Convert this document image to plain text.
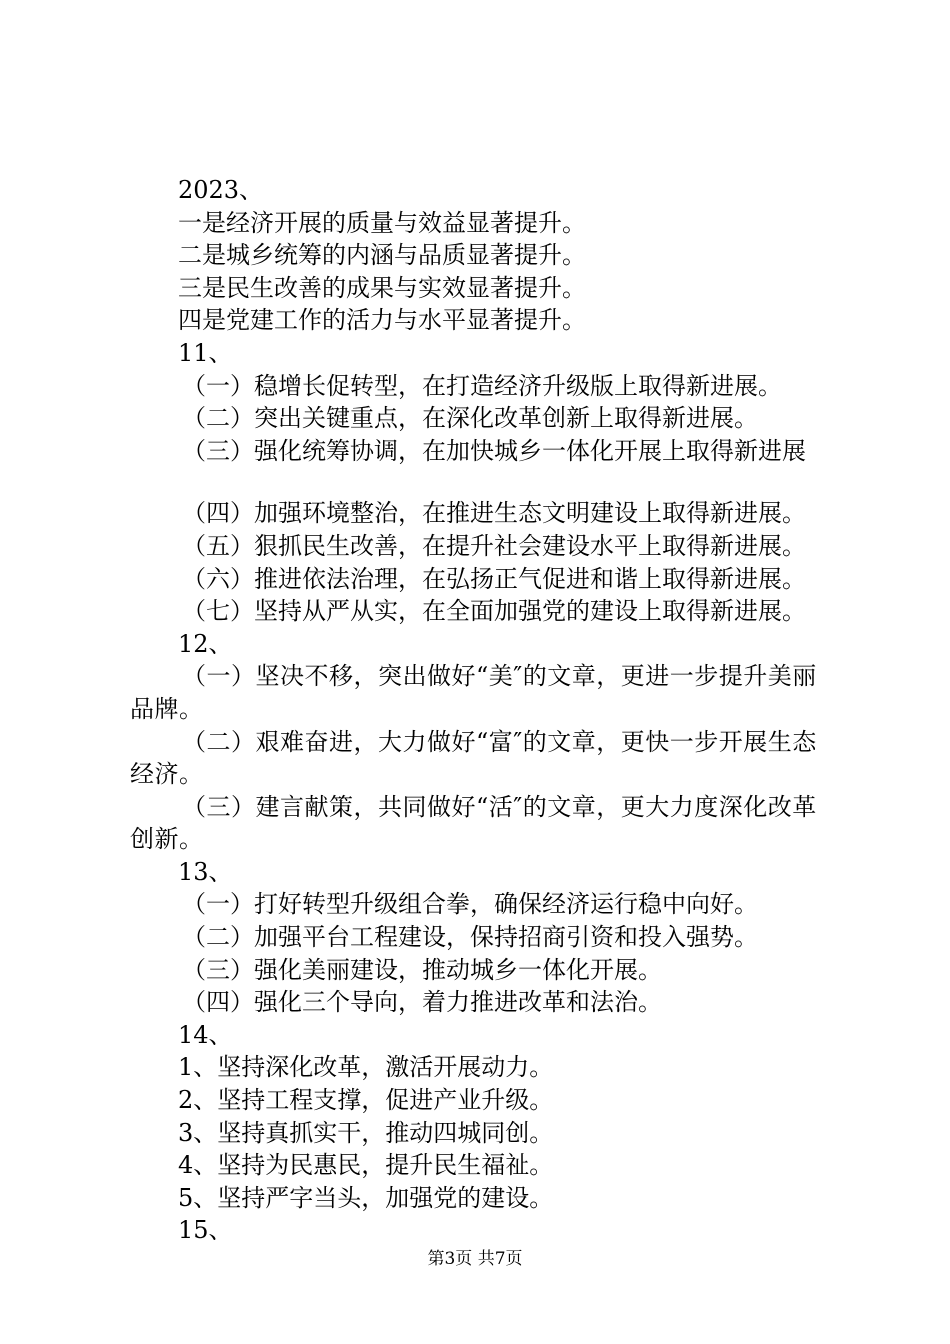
2023、
一是经济开展的质量与效益显著提升。
二是城乡统筹的内涵与品质显著提升。
三是民生改善的成果与实效显著提升。
四是党建工作的活力与水平显著提升。
11、
（一）稳增长促转型，在打造经济升级版上取得新进展。
（二）突出关键重点，在深化改革创新上取得新进展。
（三）强化统筹协调，在加快城乡一体化开展上取得新进展
（四）加强环境整治，在推进生态文明建设上取得新进展。
（五）狠抓民生改善，在提升社会建设水平上取得新进展。
（六）推进依法治理，在弘扬正气促进和谐上取得新进展。
（七）坚持从严从实，在全面加强党的建设上取得新进展。
12、
（一）坚决不移，突出做好“美″的文章，更进一步提升美丽品牌。
（二）艰难奋进，大力做好“富″的文章，更快一步开展生态经济。
（三）建言献策，共同做好“活″的文章，更大力度深化改革创新。
13、
（一）打好转型升级组合拳，确保经济运行稳中向好。
（二）加强平台工程建设，保持招商引资和投入强势。
（三）强化美丽建设，推动城乡一体化开展。
（四）强化三个导向，着力推进改革和法治。
14、
1、坚持深化改革，激活开展动力。
2、坚持工程支撑，促进产业升级。
3、坚持真抓实干，推动四城同创。
4、坚持为民惠民，提升民生福祉。
5、坚持严字当头，加强党的建设。
15、
第3页 共7页
